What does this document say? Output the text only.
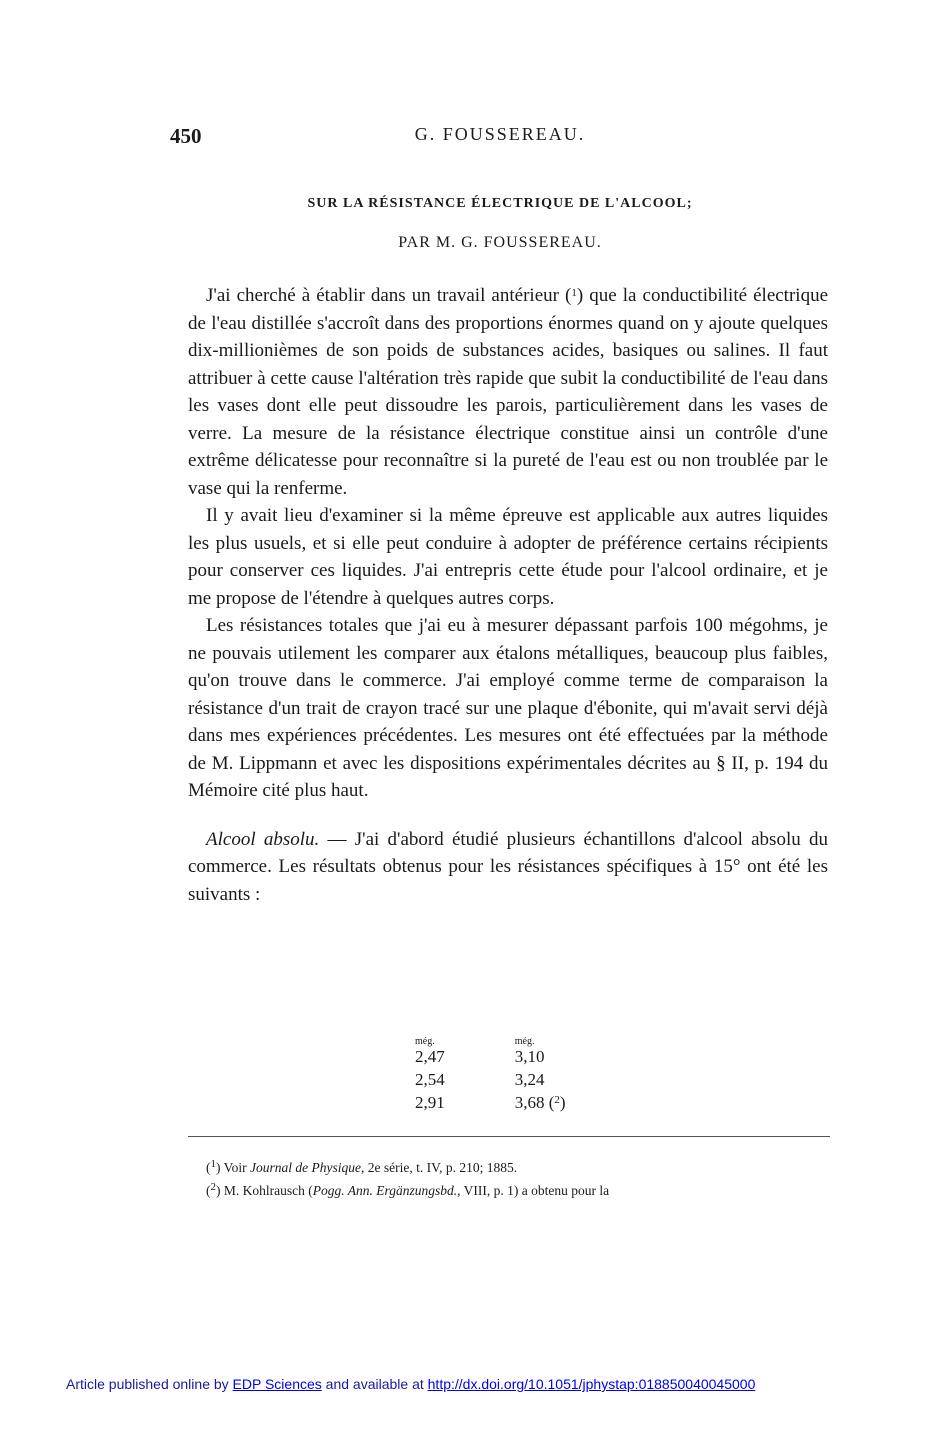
450	G. FOUSSEREAU.
SUR LA RÉSISTANCE ÉLECTRIQUE DE L'ALCOOL;
PAR M. G. FOUSSEREAU.

J'ai cherché à établir dans un travail antérieur ($^1$) que la conductibilité électrique de l'eau distillée s'accroît dans des proportions énormes quand on y ajoute quelques dix-millionièmes de son poids de substances acides, basiques ou salines. Il faut attribuer à cette cause l'altération très rapide que subit la conductibilité de l'eau dans les vases dont elle peut dissoudre les parois, particulièrement dans les vases de verre. La mesure de la résistance électrique constitue ainsi un contrôle d'une extrême délicatesse pour reconnaître si la pureté de l'eau est ou non troublée par le vase qui la renferme.

Il y avait lieu d'examiner si la même épreuve est applicable aux autres liquides les plus usuels, et si elle peut conduire à adopter de préférence certains récipients pour conserver ces liquides. J'ai entrepris cette étude pour l'alcool ordinaire, et je me propose de l'étendre à quelques autres corps.

Les résistances totales que j'ai eu à mesurer dépassant parfois 100 mégohms, je ne pouvais utilement les comparer aux étalons métalliques, beaucoup plus faibles, qu'on trouve dans le commerce. J'ai employé comme terme de comparaison la résistance d'un trait de crayon tracé sur une plaque d'ébonite, qui m'avait servi déjà dans mes expériences précédentes. Les mesures ont été effectuées par la méthode de M. Lippmann et avec les dispositions expérimentales décrites au § II, p. 194 du Mémoire cité plus haut.

Alcool absolu. — J'ai d'abord étudié plusieurs échantillons d'alcool absolu du commerce. Les résultats obtenus pour les résistances spécifiques à 15° ont été les suivants :

még.	még.
2,47	3,10
2,54	3,24
2,91	3,68 ($^2$)
($^1$) Voir Journal de Physique, 2e série, t. IV, p. 210; 1885.
($^2$) M. Kohlrausch (Pogg. Ann. Ergänzungsbd., VIII, p. 1) a obtenu pour la
Article published online by EDP Sciences and available at http://dx.doi.org/10.1051/jphystap:018850040045000
